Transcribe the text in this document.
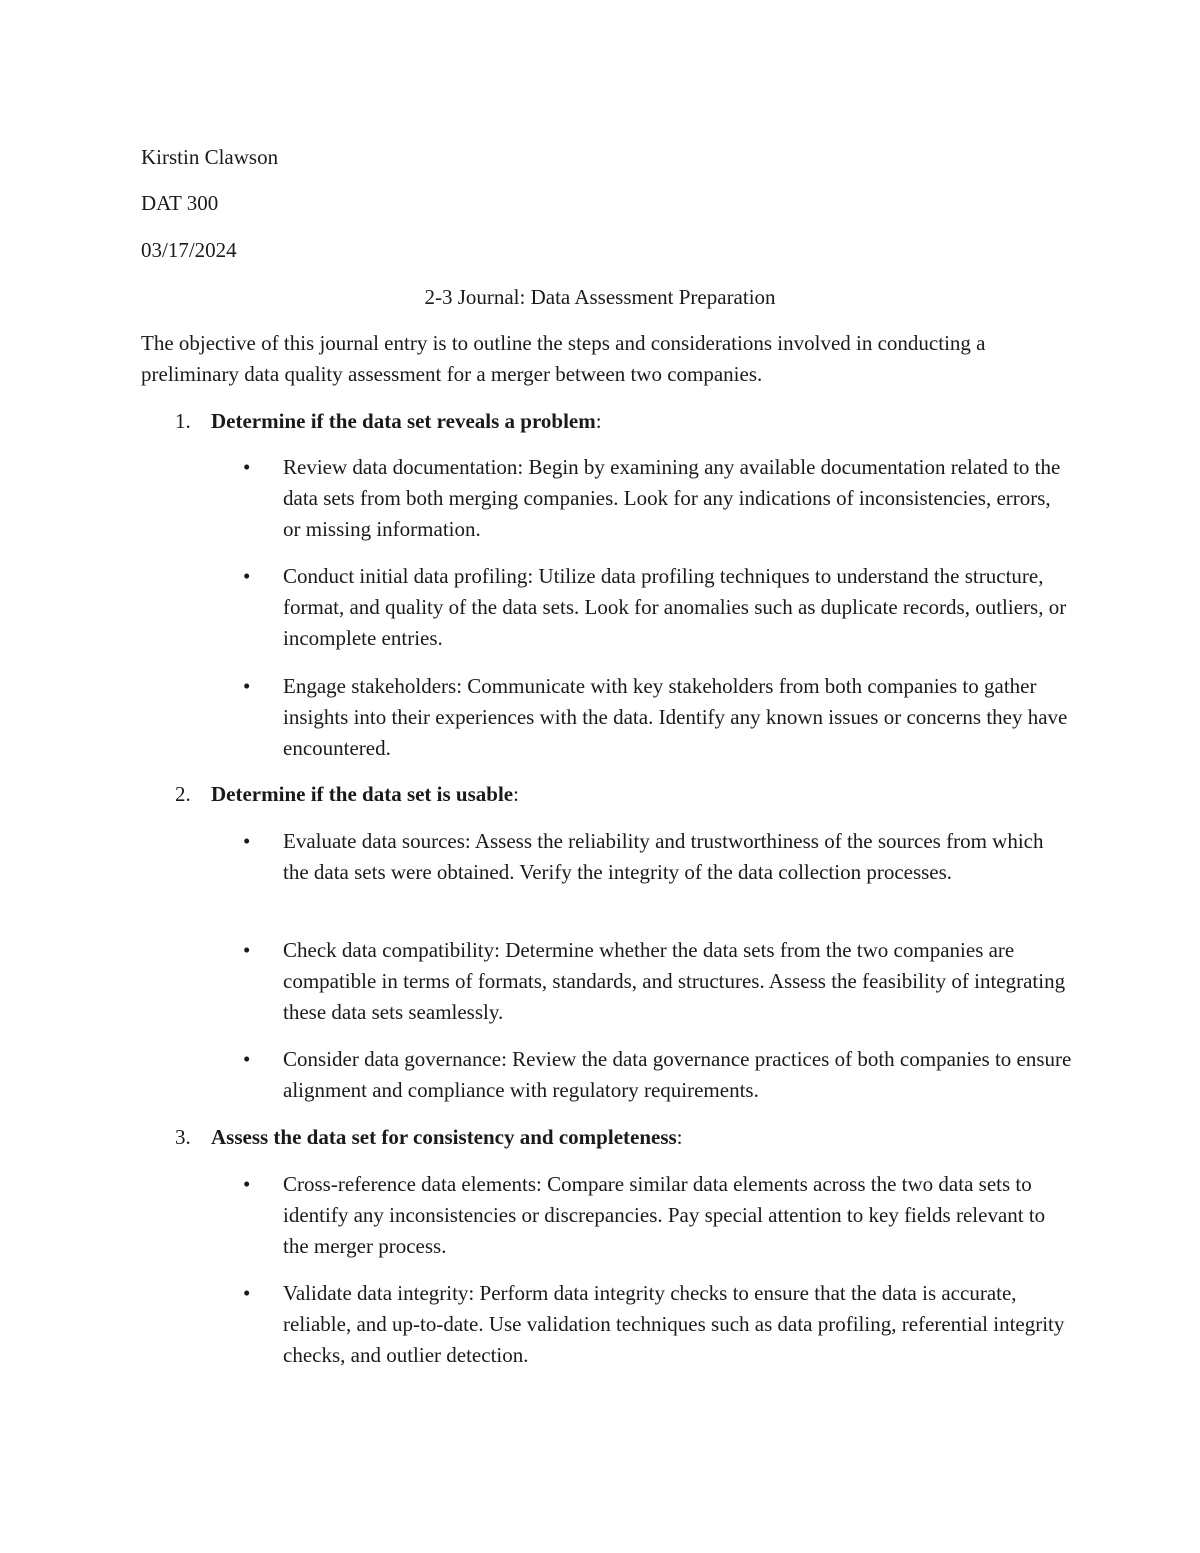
Kirstin Clawson
DAT 300
03/17/2024
2-3 Journal: Data Assessment Preparation
The objective of this journal entry is to outline the steps and considerations involved in conducting a preliminary data quality assessment for a merger between two companies.
1. Determine if the data set reveals a problem:
• Review data documentation: Begin by examining any available documentation related to the data sets from both merging companies. Look for any indications of inconsistencies, errors, or missing information.
• Conduct initial data profiling: Utilize data profiling techniques to understand the structure, format, and quality of the data sets. Look for anomalies such as duplicate records, outliers, or incomplete entries.
• Engage stakeholders: Communicate with key stakeholders from both companies to gather insights into their experiences with the data. Identify any known issues or concerns they have encountered.
2. Determine if the data set is usable:
• Evaluate data sources: Assess the reliability and trustworthiness of the sources from which the data sets were obtained. Verify the integrity of the data collection processes.
• Check data compatibility: Determine whether the data sets from the two companies are compatible in terms of formats, standards, and structures. Assess the feasibility of integrating these data sets seamlessly.
• Consider data governance: Review the data governance practices of both companies to ensure alignment and compliance with regulatory requirements.
3. Assess the data set for consistency and completeness:
• Cross-reference data elements: Compare similar data elements across the two data sets to identify any inconsistencies or discrepancies. Pay special attention to key fields relevant to the merger process.
• Validate data integrity: Perform data integrity checks to ensure that the data is accurate, reliable, and up-to-date. Use validation techniques such as data profiling, referential integrity checks, and outlier detection.
